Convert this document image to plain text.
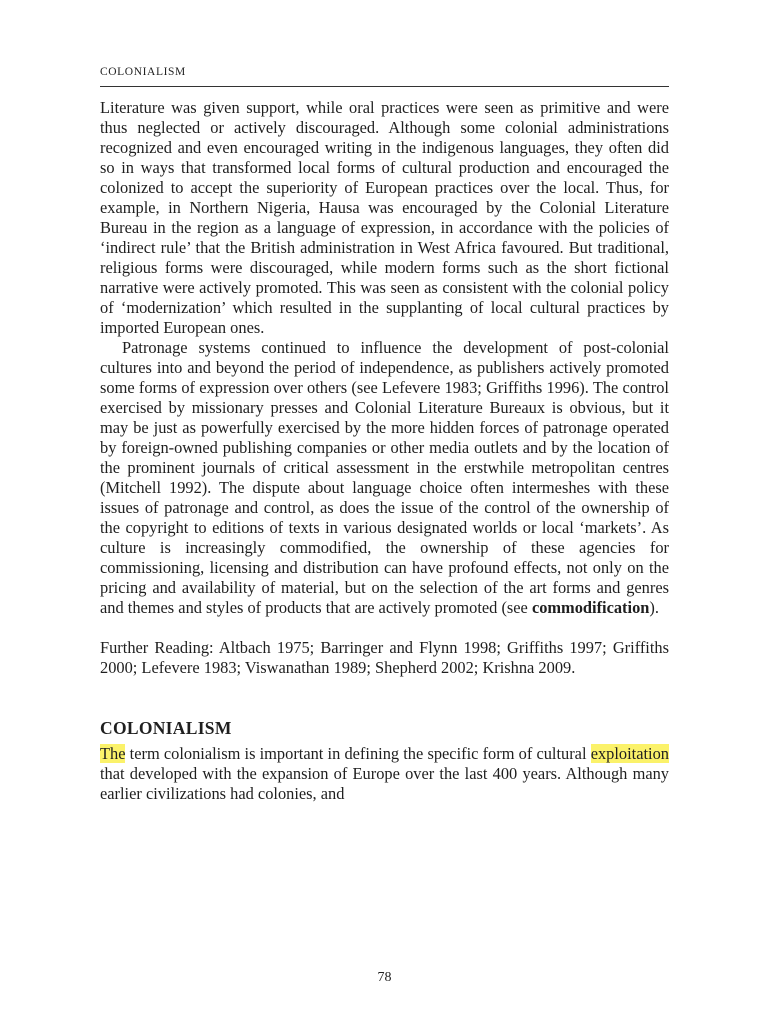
COLONIALISM

Literature was given support, while oral practices were seen as primitive and were thus neglected or actively discouraged. Although some colonial administrations recognized and even encouraged writing in the indigenous languages, they often did so in ways that transformed local forms of cultural production and encouraged the colonized to accept the superiority of European practices over the local. Thus, for example, in Northern Nigeria, Hausa was encouraged by the Colonial Literature Bureau in the region as a language of expression, in accordance with the policies of ‘indirect rule’ that the British administration in West Africa favoured. But traditional, religious forms were discouraged, while modern forms such as the short fictional narrative were actively promoted. This was seen as consistent with the colonial policy of ‘modernization’ which resulted in the supplanting of local cultural practices by imported European ones.

Patronage systems continued to influence the development of post-colonial cultures into and beyond the period of independence, as publishers actively promoted some forms of expression over others (see Lefevere 1983; Griffiths 1996). The control exercised by missionary presses and Colonial Literature Bureaux is obvious, but it may be just as powerfully exercised by the more hidden forces of patronage operated by foreign-owned publishing companies or other media outlets and by the location of the prominent journals of critical assessment in the erstwhile metropolitan centres (Mitchell 1992). The dispute about language choice often intermeshes with these issues of patronage and control, as does the issue of the control of the ownership of the copyright to editions of texts in various designated worlds or local ‘markets’. As culture is increasingly commodified, the ownership of these agencies for commissioning, licensing and distribution can have profound effects, not only on the pricing and availability of material, but on the selection of the art forms and genres and themes and styles of products that are actively promoted (see commodification).

Further Reading: Altbach 1975; Barringer and Flynn 1998; Griffiths 1997; Griffiths 2000; Lefevere 1983; Viswanathan 1989; Shepherd 2002; Krishna 2009.

COLONIALISM

The term colonialism is important in defining the specific form of cultural exploitation that developed with the expansion of Europe over the last 400 years. Although many earlier civilizations had colonies, and

78
